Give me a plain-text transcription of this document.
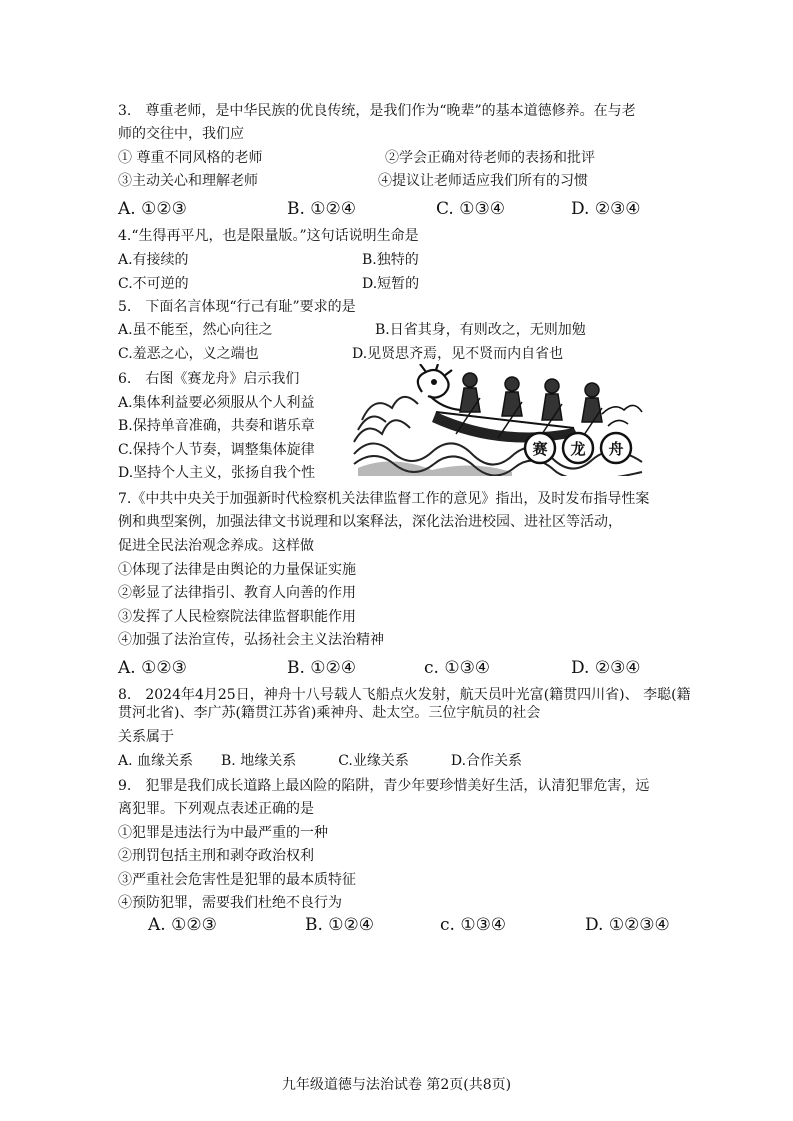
3.　尊重老师，是中华民族的优良传统，是我们作为“晚辈”的基本道德修养。在与老
师的交往中，我们应
① 尊重不同风格的老师	②学会正确对待老师的表扬和批评
③主动关心和理解老师	④提议让老师适应我们所有的习惯
A. ①②③	B. ①②④	C. ①③④	D. ②③④
4.“生得再平凡，也是限量版。”这句话说明生命是
A.有接续的	B.独特的
C.不可逆的	D.短暂的
5.　下面名言体现“行己有耻”要求的是
A.虽不能至，然心向往之	B.日省其身，有则改之，无则加勉
C.羞恶之心，义之端也	D.见贤思齐焉，见不贤而内自省也
6.　右图《赛龙舟》启示我们
A.集体利益要必须服从个人利益
B.保持单音准确，共奏和谐乐章
C.保持个人节奏，调整集体旋律
D.坚持个人主义，张扬自我个性
赛 龙 舟
7.《中共中央关于加强新时代检察机关法律监督工作的意见》指出，及时发布指导性案
例和典型案例，加强法律文书说理和以案释法，深化法治进校园、进社区等活动，
促进全民法治观念养成。这样做
①体现了法律是由舆论的力量保证实施
②彰显了法律指引、教育人向善的作用
③发挥了人民检察院法律监督职能作用
④加强了法治宣传，弘扬社会主义法治精神
A. ①②③	B. ①②④	c. ①③④	D. ②③④
8.　2024年4月25日，神舟十八号载人飞船点火发射，航天员叶光富(籍贯四川省)、 李聪(籍
贯河北省)、李广苏(籍贯江苏省)乘神舟、赴太空。三位宇航员的社会
关系属于
A. 血缘关系　　B. 地缘关系　　　C.业缘关系　　　D.合作关系
9.　犯罪是我们成长道路上最凶险的陷阱，青少年要珍惜美好生活，认清犯罪危害，远
离犯罪。下列观点表述正确的是
①犯罪是违法行为中最严重的一种
②刑罚包括主刑和剥夺政治权利
③严重社会危害性是犯罪的最本质特征
④预防犯罪，需要我们杜绝不良行为
A. ①②③	B. ①②④	c. ①③④	D. ①②③④
九年级道德与法治试卷 第2页(共8页)
